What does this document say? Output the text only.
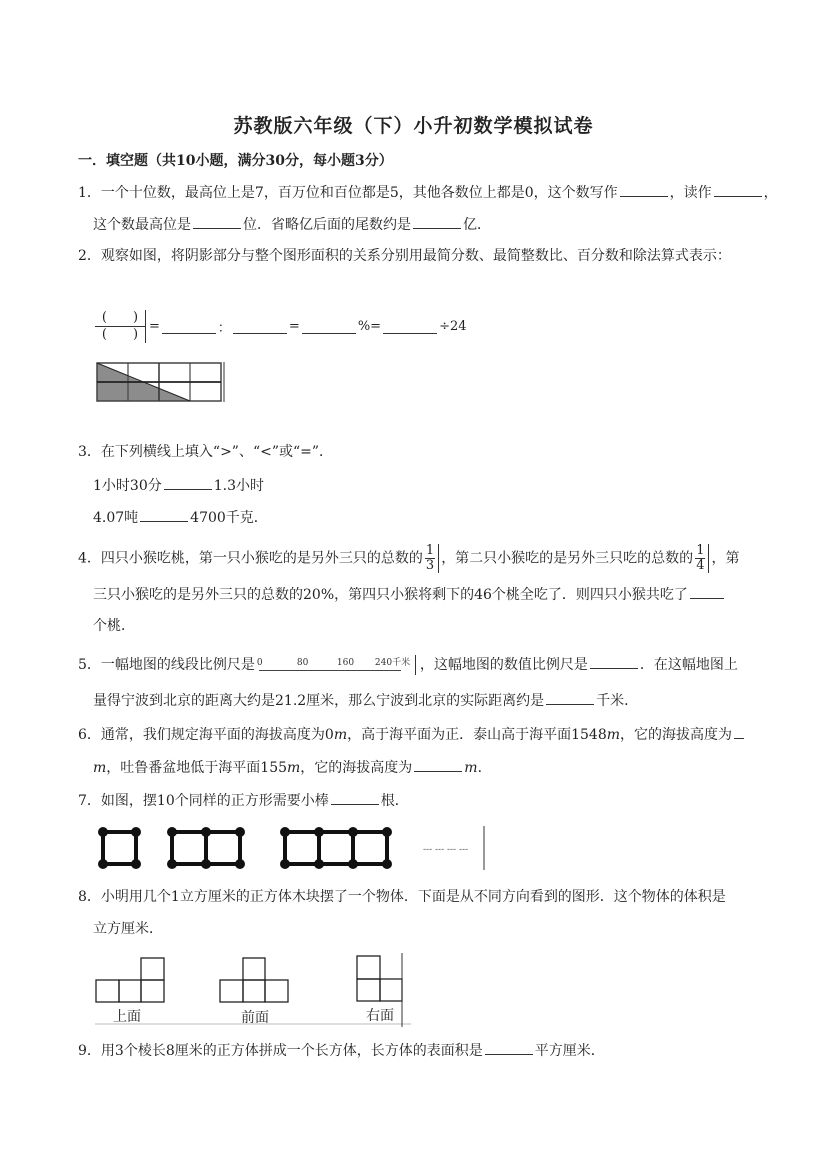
苏教版六年级（下）小升初数学模拟试卷
一．填空题（共10小题，满分30分，每小题3分）
1．一个十位数，最高位上是7，百万位和百位都是5，其他各数位上都是0，这个数写作	，读作	，
这个数最高位是	位．省略亿后面的尾数约是	亿．
2．观察如图，将阴影部分与整个图形面积的关系分别用最简分数、最简整数比、百分数和除法算式表示：
$\frac{( )}{( )}$ =	：	=	%=	÷24
3．在下列横线上填入“>”、“<”或“=”．
1小时30分	1.3小时
4.07吨	4700千克．
4．四只小猴吃桃，第一只小猴吃的是另外三只的总数的 $\frac{1}{3}$ ，第二只小猴吃的是另外三只吃的总数的 $\frac{1}{4}$ ，第
三只小猴吃的是另外三只的总数的20%，第四只小猴将剩下的46个桃全吃了．则四只小猴共吃了
个桃．
5．一幅地图的线段比例尺是 0	80	160 240千米 ，这幅地图的数值比例尺是	．在这幅地图上
量得宁波到北京的距离大约是21.2厘米，那么宁波到北京的实际距离约是	千米．
6．通常，我们规定海平面的海拔高度为0m，高于海平面为正．泰山高于海平面1548m，它的海拔高度为
m，吐鲁番盆地低于海平面155m，它的海拔高度为	m．
7．如图，摆10个同样的正方形需要小棒	根．
--- --- --- ---
8．小明用几个1立方厘米的正方体木块摆了一个物体．下面是从不同方向看到的图形．这个物体的体积是
立方厘米．
上面	前面	右面
9．用3个棱长8厘米的正方体拼成一个长方体，长方体的表面积是	平方厘米．
